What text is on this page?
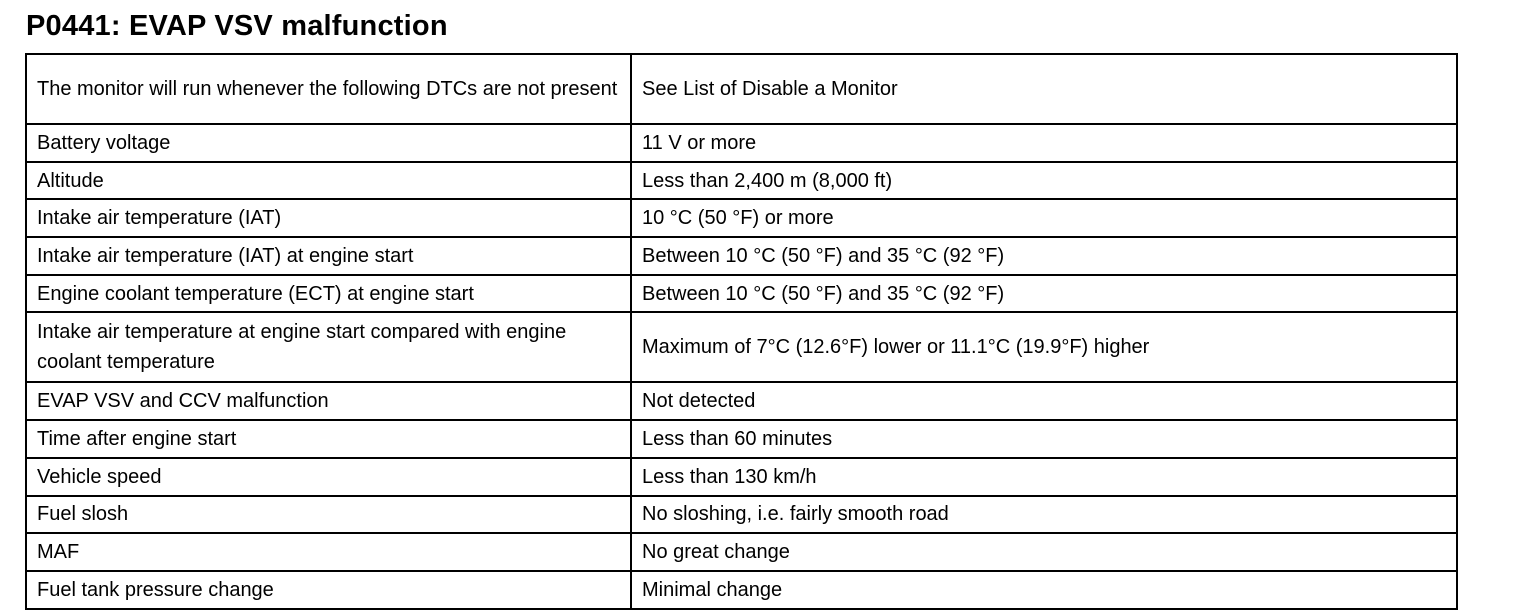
P0441: EVAP VSV malfunction
The monitor will run whenever the following DTCs are not present	See List of Disable a Monitor
Battery voltage	11 V or more
Altitude	Less than 2,400 m (8,000 ft)
Intake air temperature (IAT)	10 °C (50 °F) or more
Intake air temperature (IAT) at engine start	Between 10 °C (50 °F) and 35 °C (92 °F)
Engine coolant temperature (ECT) at engine start	Between 10 °C (50 °F) and 35 °C (92 °F)
Intake air temperature at engine start compared with engine coolant temperature	Maximum of 7°C (12.6°F) lower or 11.1°C (19.9°F) higher
EVAP VSV and CCV malfunction	Not detected
Time after engine start	Less than 60 minutes
Vehicle speed	Less than 130 km/h
Fuel slosh	No sloshing, i.e. fairly smooth road
MAF	No great change
Fuel tank pressure change	Minimal change
